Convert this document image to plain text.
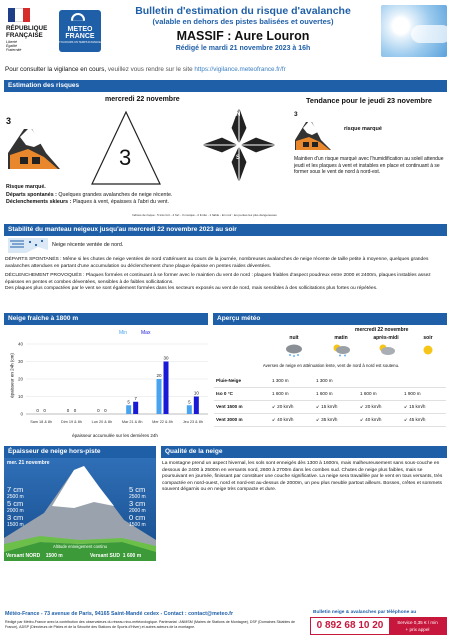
RÉPUBLIQUE
FRANÇAISE
Liberté
Égalité
Fraternité
METEO
FRANCE
TOUJOURS UN TEMPS D'AVANCE
Bulletin d'estimation du risque d'avalanche
(valable en dehors des pistes balisées et ouvertes)
MASSIF : Aure Louron
Rédigé le mardi 21 novembre 2023 à 16h
Pour consulter la vigilance en cours, veuillez vous rendre sur le site https://vigilance.meteofrance.fr/fr
Estimation des risques
mercredi 22 novembre	Tendance pour le jeudi 23 novembre
3
3
N
E
S
O
Risque marqué.
Départs spontanés : Quelques grandes avalanches de neige récente.
Déclenchements skieurs : Plaques à vent, épaisses à l'abri du vent.
Indices de risque : 5 très fort - 4 fort - 3 marqué - 2 limité - 1 faible - En noir : les pentes les plus dangereuses
3
risque marqué
Maintien d'un risque marqué avec l'humidification au soleil attendue jeudi et les plaques à vent et instables en place et continuant à se former sous le vent de nord à nord-est.
Stabilité du manteau neigeux jusqu'au mercredi 22 novembre 2023 au soir
Neige récente ventée de nord.

DÉPARTS SPONTANÉS : Même si les chutes de neige ventées de nord s'atténuent au cours de la journée, nombreuses avalanches de neige récente de taille petite à moyenne, quelques grandes avalanches attendues en partant d'une accumulation ou déclenchement d'une plaque épaisse en pentes raides déventées.

DÉCLENCHEMENT PROVOQUÉS : Plaques formées et continuant à se former avec le maintien du vent de nord : plaques friables d'aspect poudreux entre 2000 et 2400m, plaques instables assez épaisses en pentes et combes déventées, sensibles à de faibles sollicitations.

Des plaques plus compactées par le vent se sont également formées dans les secteurs exposés au vent de nord, mais sensibles à des sollicitations plus fortes ou répétées.

Neige fraîche à 1800 m
Min	Max
épaisseur en 24h (cm)
0
10
20
30
40
0 0
Sam 18 & 8h
0 0
Dim 19 & 8h
0 0
Lun 20 & 8h
5
7
Mar 21 & 8h
20
30
Mer 22 & 8h
5
10
Jeu 23 & 8h
épaisseur accumulée sur les dernières 24h
Aperçu météo
mercredi 22 novembre
nuit	matin	après-midi	soir
Averses de neige en atténuation lente, vent de nord à nord est soutenu.
Pluie-Neige	1 300 m	1 300 m		
Iso 0 °C	1 600 m	1 600 m	1 600 m	1 900 m
Vent 1500 m	↙ 20 km/h	↙ 15 km/h	↙ 20 km/h	↙ 15 km/h
Vent 3000 m	↙ 40 km/h	↙ 35 km/h	↙ 40 km/h	↙ 45 km/h
Épaisseur de neige hors-piste
mer. 21 novembre
7 cm
2500 m
5 cm
2000 m
3 cm
1500 m
5 cm
2500 m
3 cm
2000 m
0 cm
1500 m
Altitude enneigement continu
Versant NORD 1500 m	Versant SUD 1 600 m
Qualité de la neige
La montagne prend un aspect hivernal, les sols sont enneigés dès 1300 à 1600m, mais malheureusement sans sous-couche en dessous de 2400 à 2500m en versants nord, 2600 à 2700m dans les combes sud. Chutes de neige plus faibles, mais se poursuivant en journée, finissant par constituer une couche significative. La neige sera travaillée par le vent en tous versants, très compactée en nord-ouest, nord et nord-est au-dessus de 2000m, un peu plus meuble partout ailleurs. Bosses, crêtes et sommets souvent dégarnis ou en neige très compacte et dure.
Météo-France - 73 avenue de Paris, 94165 Saint-Mandé cedex - Contact : contact@meteo.fr
Rédigé par Météo-France avec la contribution des observateurs du réseau nivo-météorologique. Partenariat : ANMSM (Maires de Stations de Montagne), DSF (Domaines Skiables de France), ADSP (Directeurs de Pistes et de la Sécurité des Stations de Sports d'Hiver) et autres acteurs de la montagne.
Bulletin neige & avalanches par téléphone au
0 892 68 10 20	Service 0,35 € / min
+ prix appel
